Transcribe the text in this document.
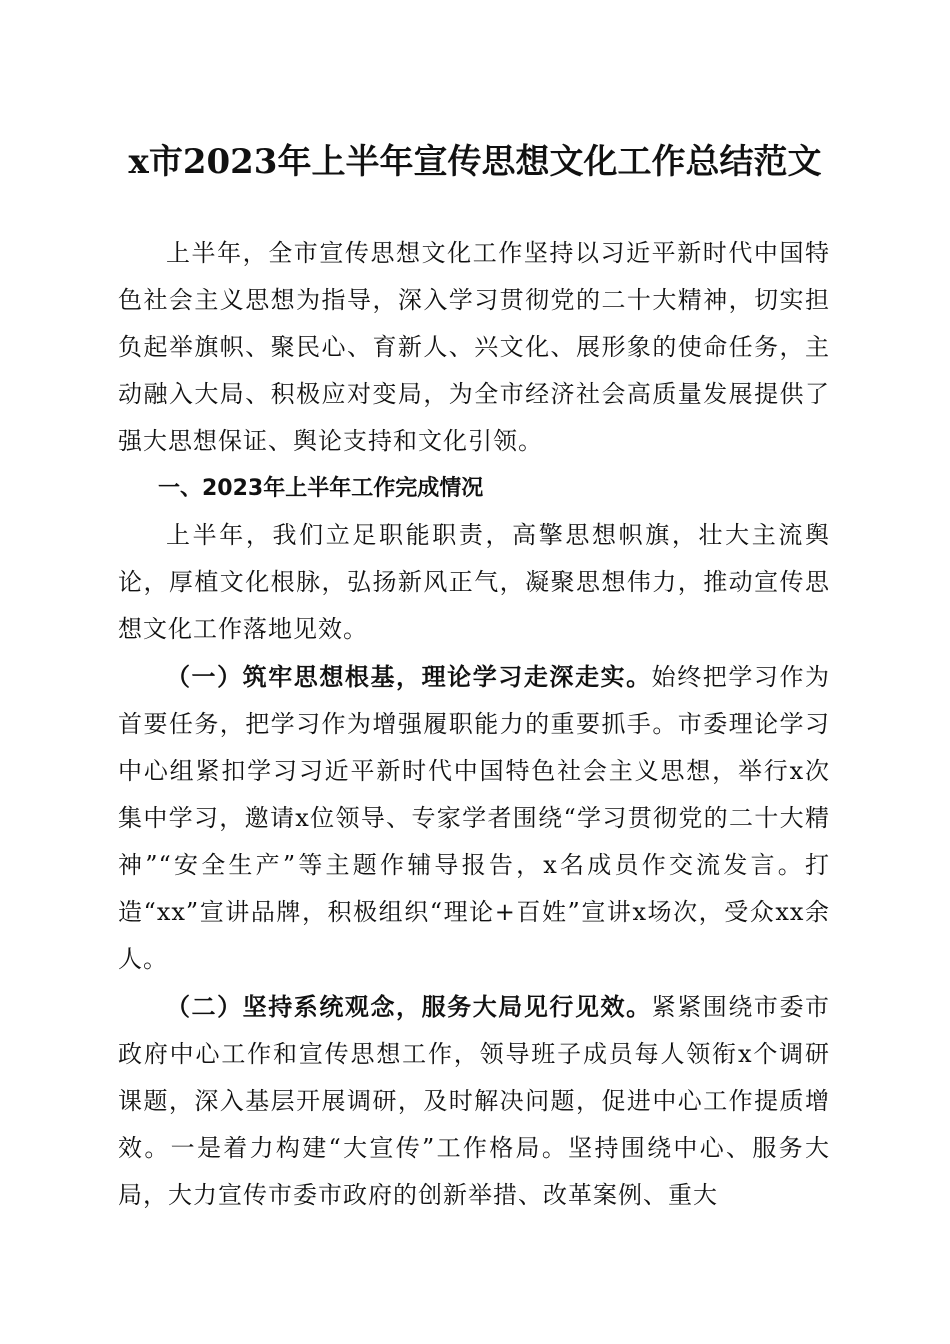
x市2023年上半年宣传思想文化工作总结范文

上半年，全市宣传思想文化工作坚持以习近平新时代中国特色社会主义思想为指导，深入学习贯彻党的二十大精神，切实担负起举旗帜、聚民心、育新人、兴文化、展形象的使命任务，主动融入大局、积极应对变局，为全市经济社会高质量发展提供了强大思想保证、舆论支持和文化引领。

一、2023年上半年工作完成情况

上半年，我们立足职能职责，高擎思想帜旗，壮大主流舆论，厚植文化根脉，弘扬新风正气，凝聚思想伟力，推动宣传思想文化工作落地见效。

（一）筑牢思想根基，理论学习走深走实。始终把学习作为首要任务，把学习作为增强履职能力的重要抓手。市委理论学习中心组紧扣学习习近平新时代中国特色社会主义思想，举行x次集中学习，邀请x位领导、专家学者围绕“学习贯彻党的二十大精神”“安全生产”等主题作辅导报告，x名成员作交流发言。打造“xx”宣讲品牌，积极组织“理论+百姓”宣讲x场次，受众xx余人。

（二）坚持系统观念，服务大局见行见效。紧紧围绕市委市政府中心工作和宣传思想工作，领导班子成员每人领衔x个调研课题，深入基层开展调研，及时解决问题，促进中心工作提质增效。一是着力构建“大宣传”工作格局。坚持围绕中心、服务大局，大力宣传市委市政府的创新举措、改革案例、重大
